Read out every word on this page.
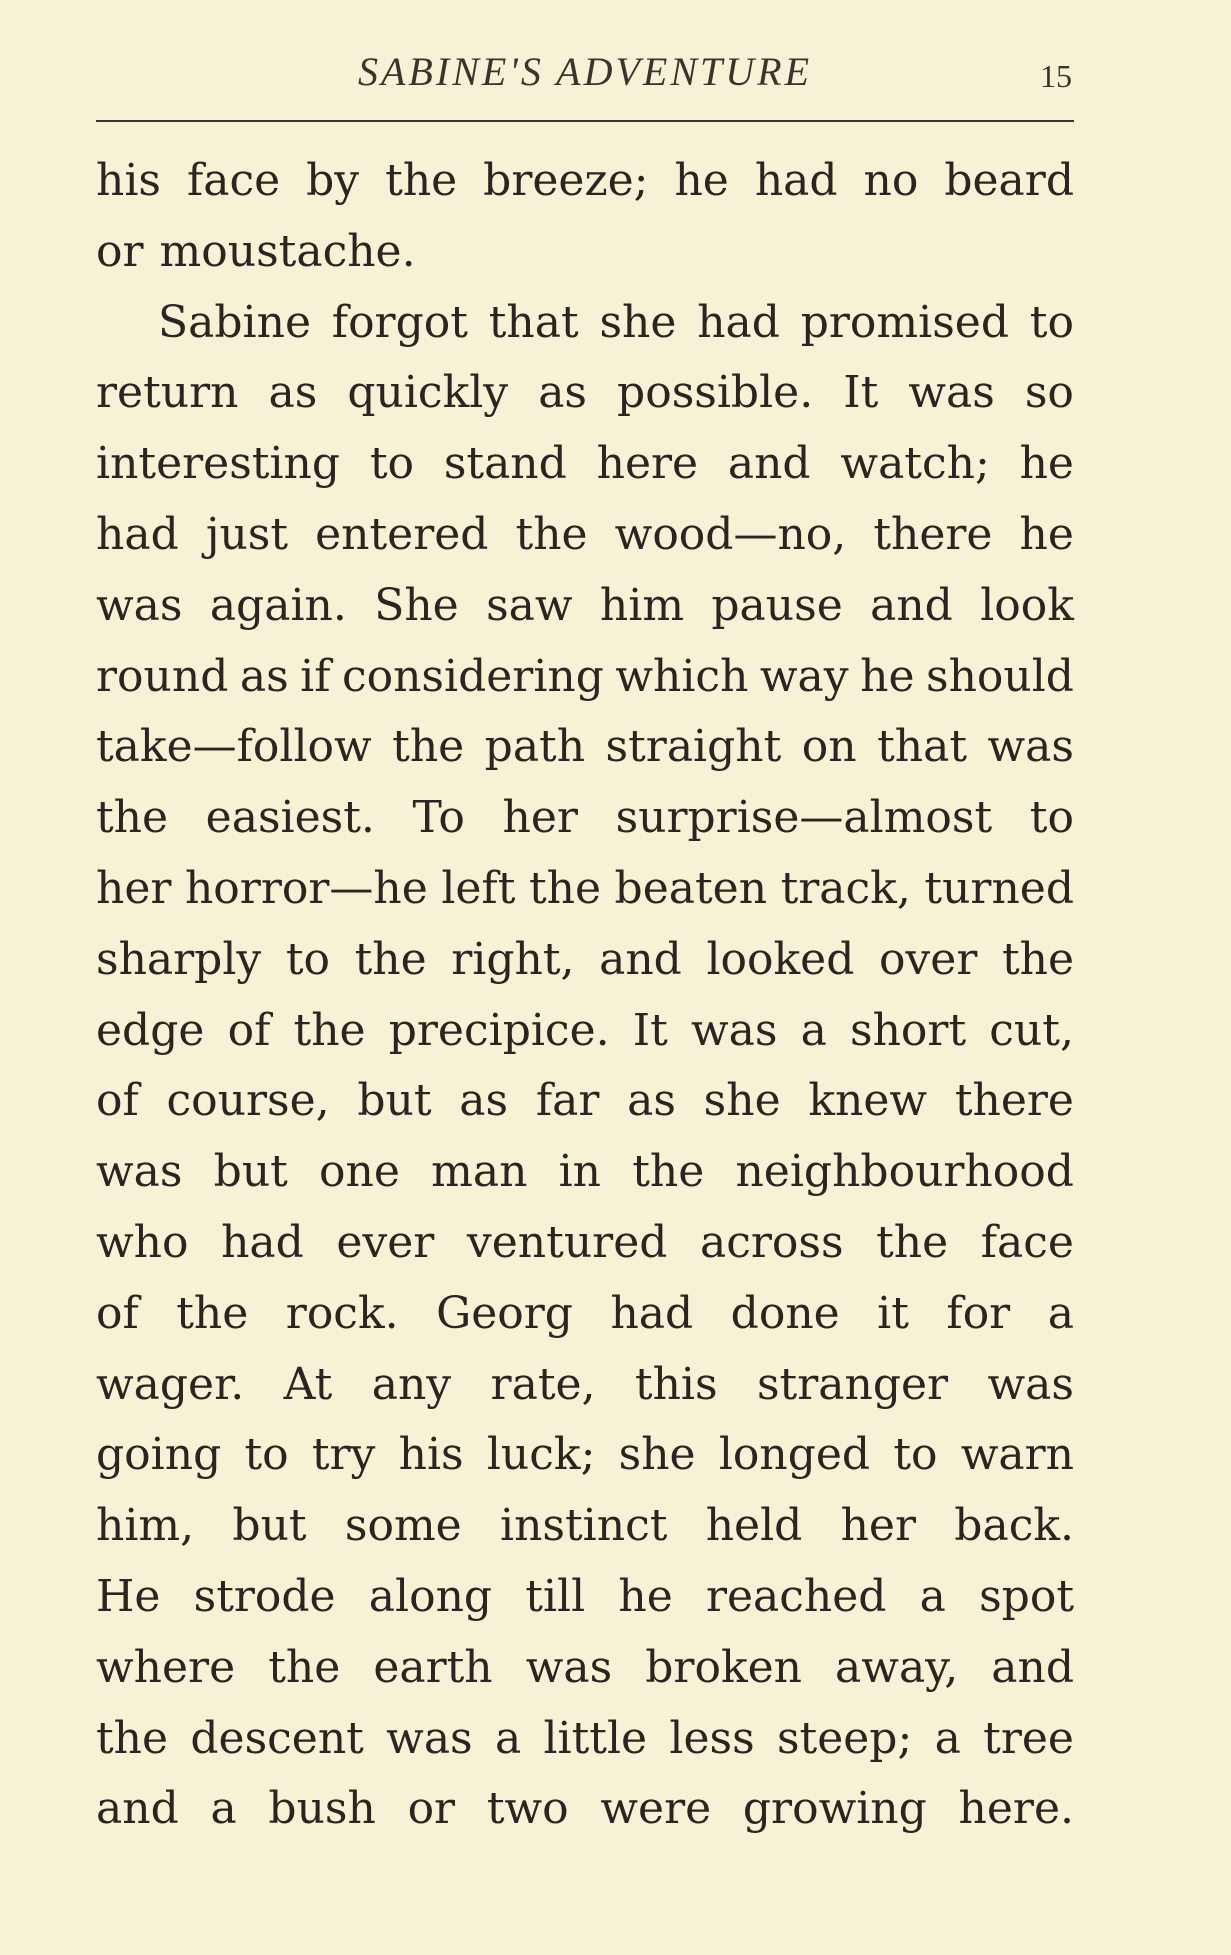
SABINE'S ADVENTURE	15
his face by the breeze; he had no beard
or moustache.
Sabine forgot that she had promised to
return as quickly as possible. It was so
interesting to stand here and watch; he
had just entered the wood—no, there he
was again. She saw him pause and look
round as if considering which way he should
take—follow the path straight on that was
the easiest. To her surprise—almost to
her horror—he left the beaten track, turned
sharply to the right, and looked over the
edge of the precipice. It was a short cut,
of course, but as far as she knew there
was but one man in the neighbourhood
who had ever ventured across the face
of the rock. Georg had done it for a
wager. At any rate, this stranger was
going to try his luck; she longed to warn
him, but some instinct held her back.
He strode along till he reached a spot
where the earth was broken away, and
the descent was a little less steep; a tree
and a bush or two were growing here.
